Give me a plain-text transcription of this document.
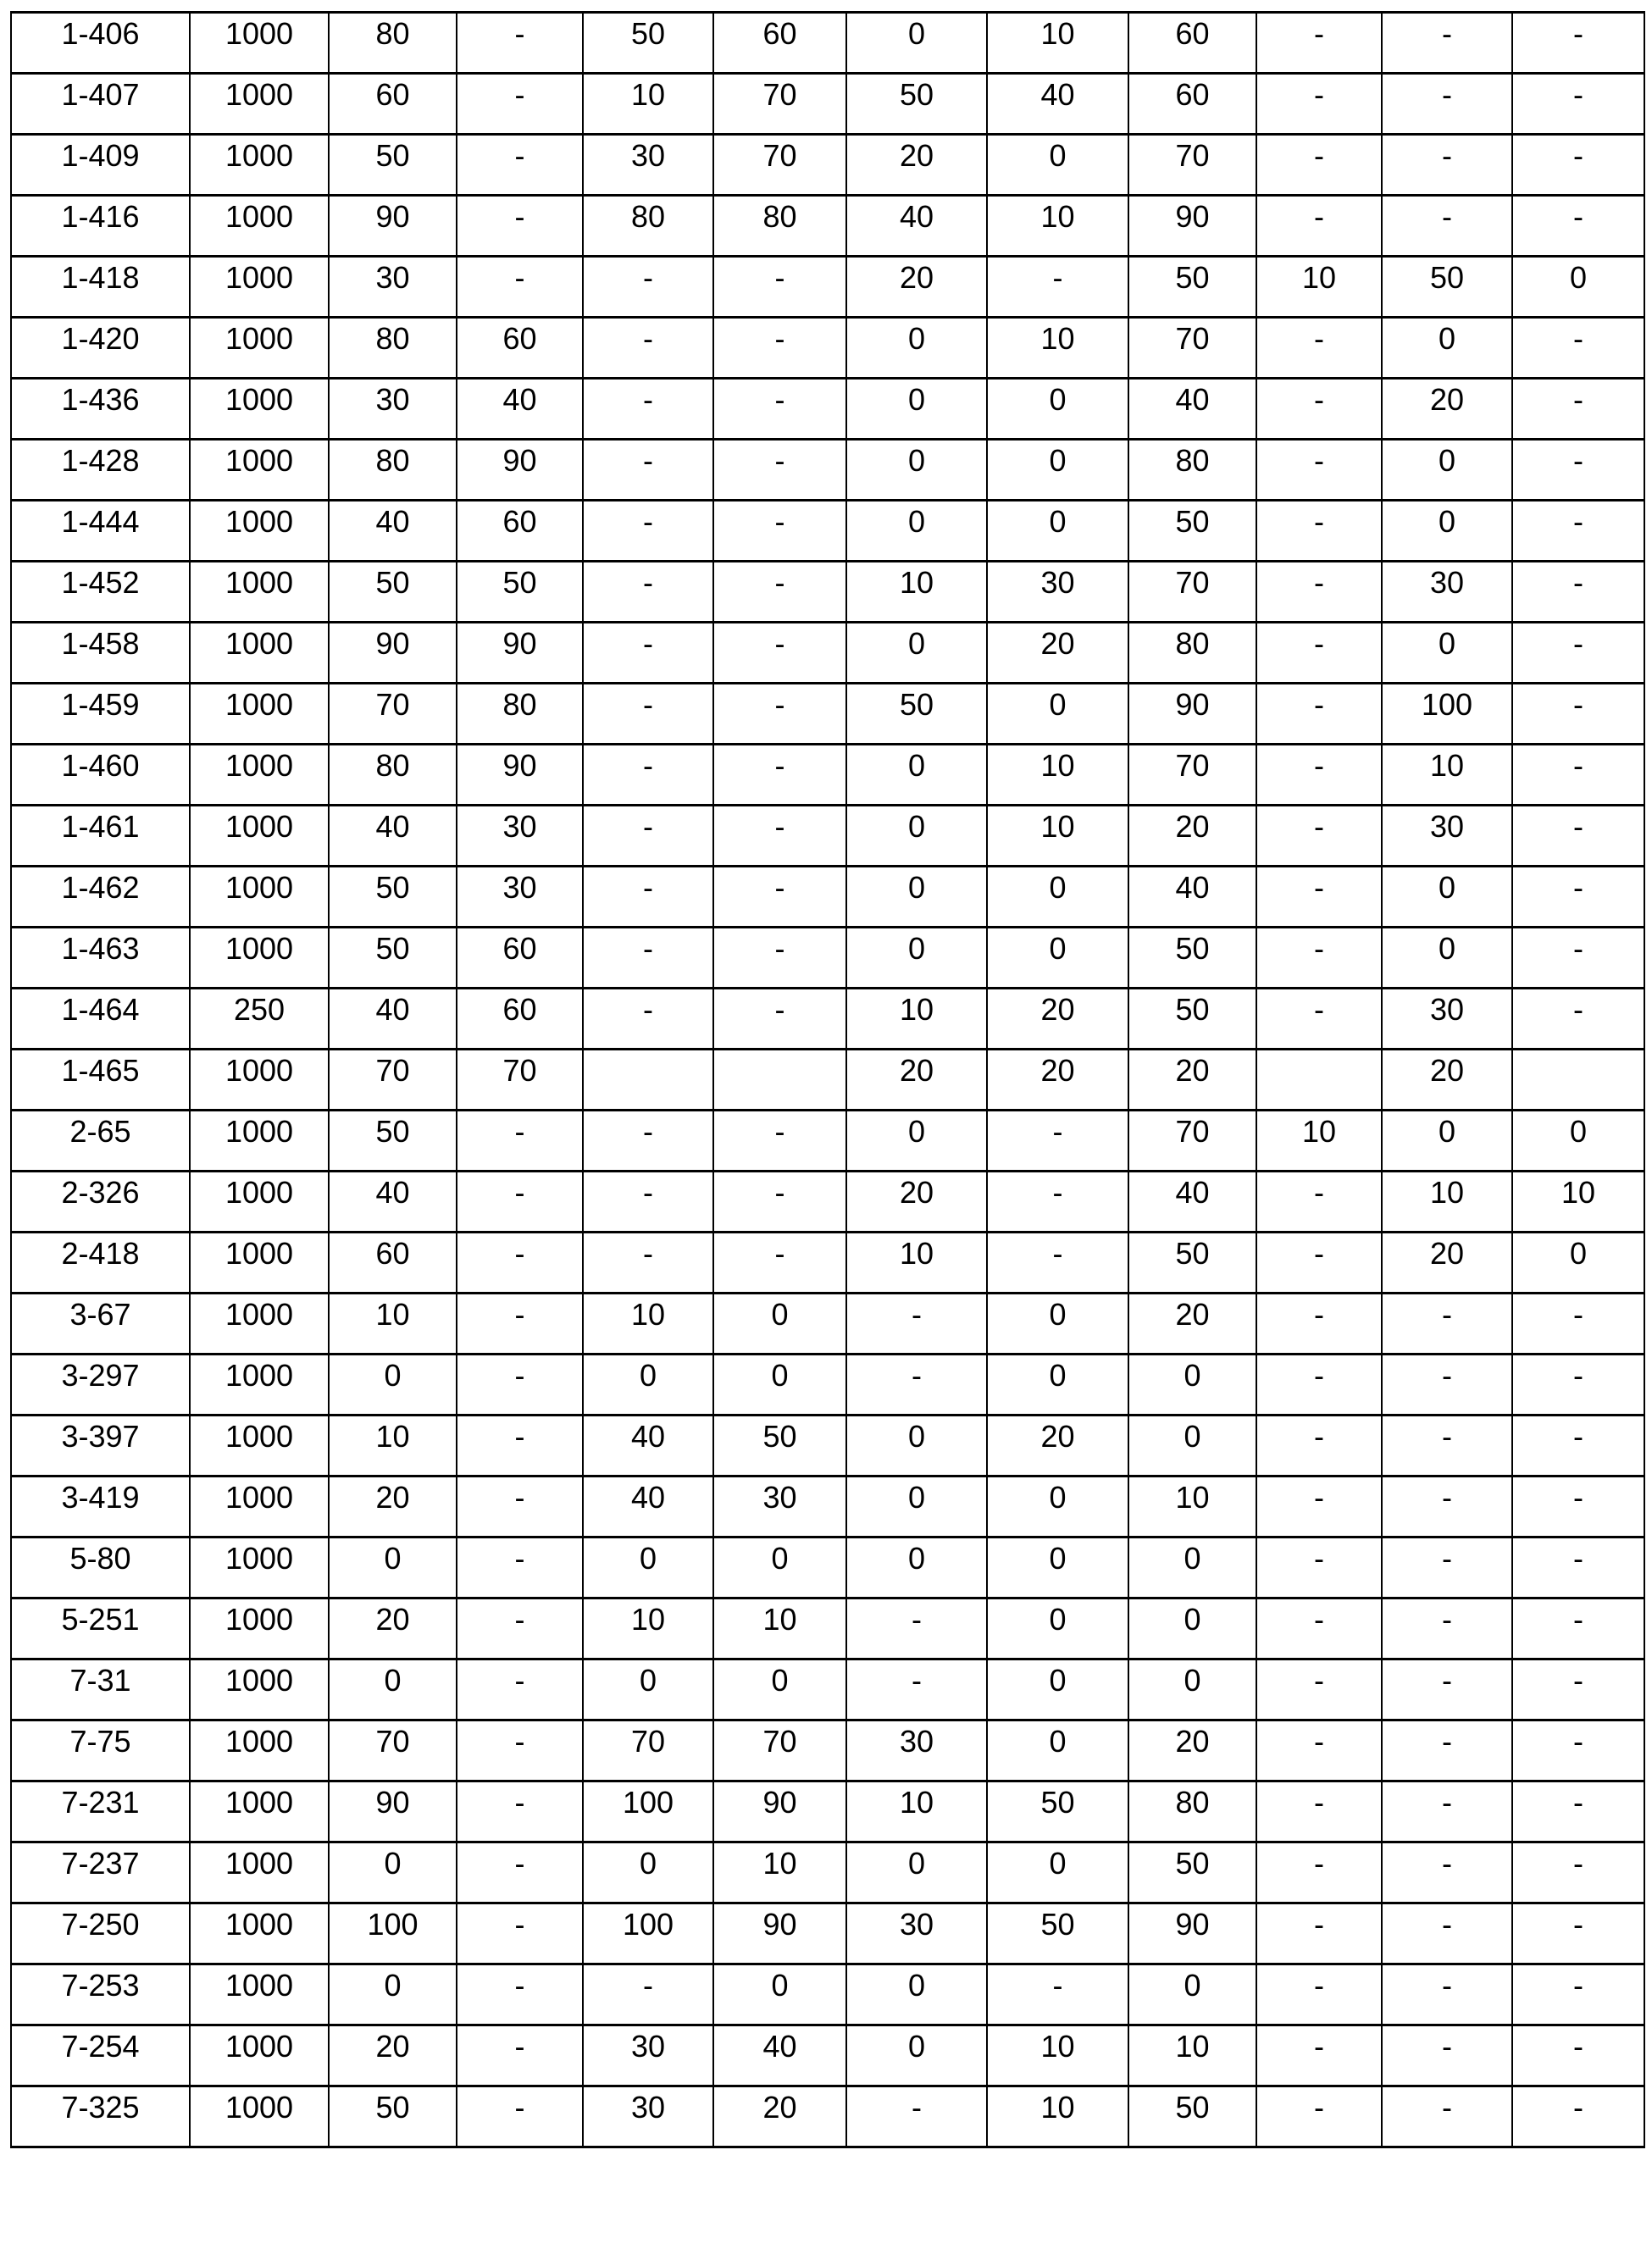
1-406	1000	80	-	50	60	0	10	60	-	-	-
1-407	1000	60	-	10	70	50	40	60	-	-	-
1-409	1000	50	-	30	70	20	0	70	-	-	-
1-416	1000	90	-	80	80	40	10	90	-	-	-
1-418	1000	30	-	-	-	20	-	50	10	50	0
1-420	1000	80	60	-	-	0	10	70	-	0	-
1-436	1000	30	40	-	-	0	0	40	-	20	-
1-428	1000	80	90	-	-	0	0	80	-	0	-
1-444	1000	40	60	-	-	0	0	50	-	0	-
1-452	1000	50	50	-	-	10	30	70	-	30	-
1-458	1000	90	90	-	-	0	20	80	-	0	-
1-459	1000	70	80	-	-	50	0	90	-	100	-
1-460	1000	80	90	-	-	0	10	70	-	10	-
1-461	1000	40	30	-	-	0	10	20	-	30	-
1-462	1000	50	30	-	-	0	0	40	-	0	-
1-463	1000	50	60	-	-	0	0	50	-	0	-
1-464	250	40	60	-	-	10	20	50	-	30	-
1-465	1000	70	70			20	20	20		20	
2-65	1000	50	-	-	-	0	-	70	10	0	0
2-326	1000	40	-	-	-	20	-	40	-	10	10
2-418	1000	60	-	-	-	10	-	50	-	20	0
3-67	1000	10	-	10	0	-	0	20	-	-	-
3-297	1000	0	-	0	0	-	0	0	-	-	-
3-397	1000	10	-	40	50	0	20	0	-	-	-
3-419	1000	20	-	40	30	0	0	10	-	-	-
5-80	1000	0	-	0	0	0	0	0	-	-	-
5-251	1000	20	-	10	10	-	0	0	-	-	-
7-31	1000	0	-	0	0	-	0	0	-	-	-
7-75	1000	70	-	70	70	30	0	20	-	-	-
7-231	1000	90	-	100	90	10	50	80	-	-	-
7-237	1000	0	-	0	10	0	0	50	-	-	-
7-250	1000	100	-	100	90	30	50	90	-	-	-
7-253	1000	0	-	-	0	0	-	0	-	-	-
7-254	1000	20	-	30	40	0	10	10	-	-	-
7-325	1000	50	-	30	20	-	10	50	-	-	-
